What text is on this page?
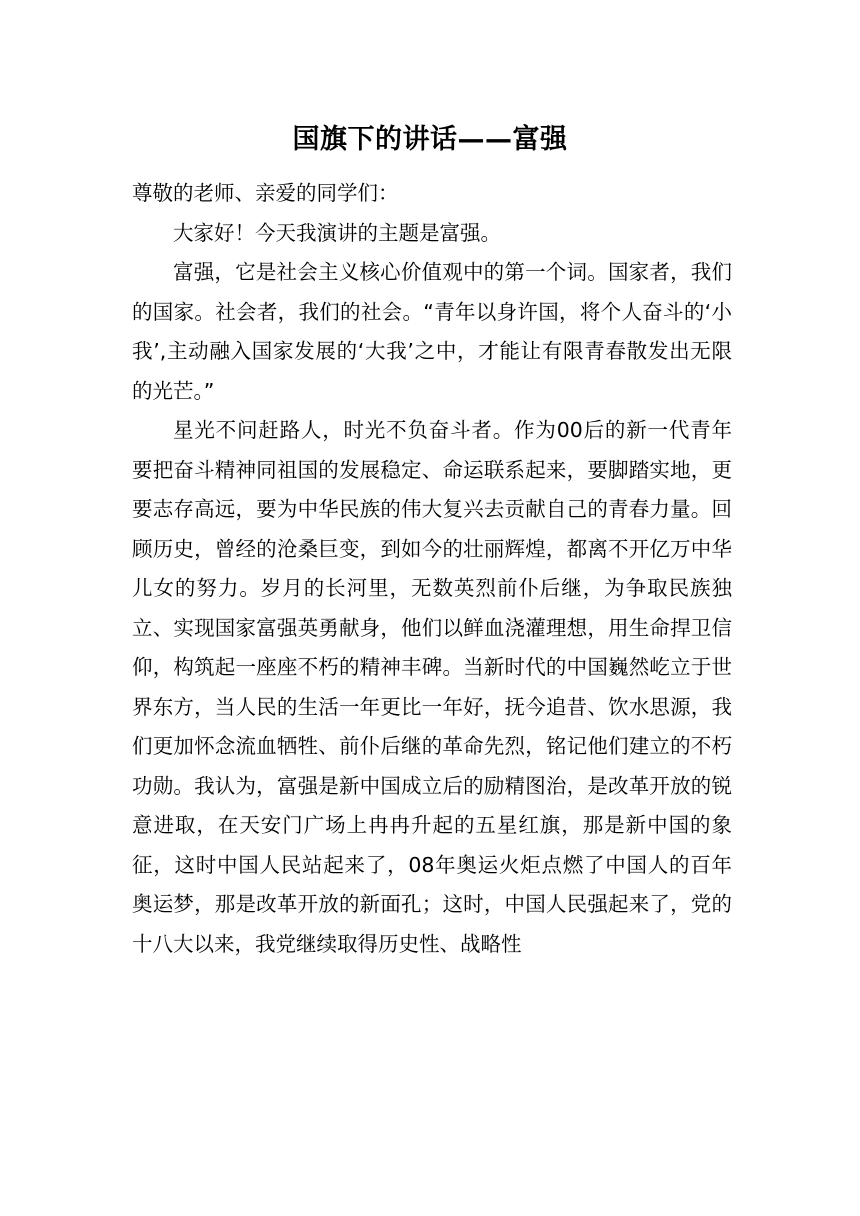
国旗下的讲话——富强

尊敬的老师、亲爱的同学们：

大家好！今天我演讲的主题是富强。

富强，它是社会主义核心价值观中的第一个词。国家者，我们的国家。社会者，我们的社会。“青年以身许国，将个人奋斗的‘小我’,主动融入国家发展的‘大我’之中，才能让有限青春散发出无限的光芒。”

星光不问赶路人，时光不负奋斗者。作为00后的新一代青年要把奋斗精神同祖国的发展稳定、命运联系起来，要脚踏实地，更要志存高远，要为中华民族的伟大复兴去贡献自己的青春力量。回顾历史，曾经的沧桑巨变，到如今的壮丽辉煌，都离不开亿万中华儿女的努力。岁月的长河里，无数英烈前仆后继，为争取民族独立、实现国家富强英勇献身，他们以鲜血浇灌理想，用生命捍卫信仰，构筑起一座座不朽的精神丰碑。当新时代的中国巍然屹立于世界东方，当人民的生活一年更比一年好，抚今追昔、饮水思源，我们更加怀念流血牺牲、前仆后继的革命先烈，铭记他们建立的不朽功勋。我认为，富强是新中国成立后的励精图治，是改革开放的锐意进取，在天安门广场上冉冉升起的五星红旗，那是新中国的象征，这时中国人民站起来了，08年奥运火炬点燃了中国人的百年奥运梦，那是改革开放的新面孔；这时，中国人民强起来了，党的十八大以来，我党继续取得历史性、战略性
